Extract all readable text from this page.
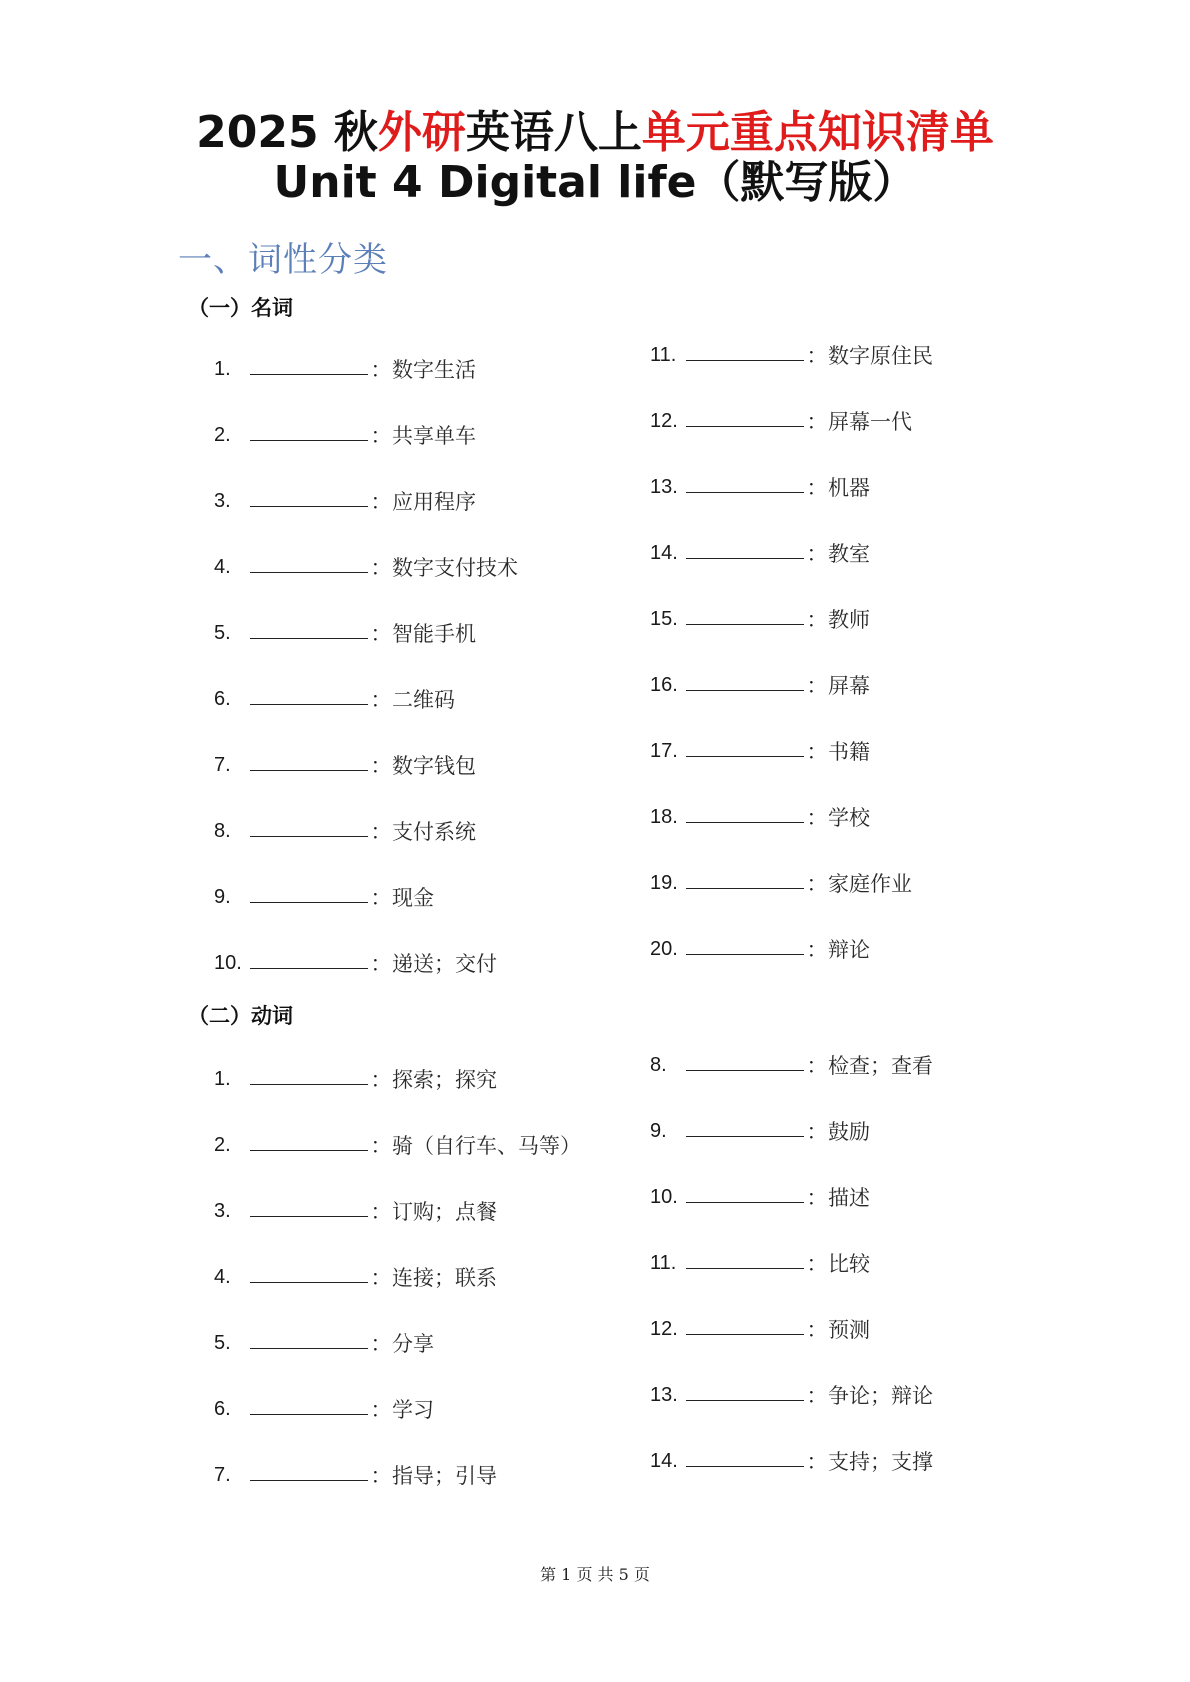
2025 秋外研英语八上单元重点知识清单
Unit 4 Digital life（默写版）
一、词性分类
（一）名词
1.	： 数字生活
2.	： 共享单车
3.	： 应用程序
4.	： 数字支付技术
5.	： 智能手机
6.	： 二维码
7.	： 数字钱包
8.	： 支付系统
9.	： 现金
10.	： 递送；交付
11.	： 数字原住民
12.	： 屏幕一代
13.	： 机器
14.	： 教室
15.	： 教师
16.	： 屏幕
17.	： 书籍
18.	： 学校
19.	： 家庭作业
20.	： 辩论
（二）动词
1.	： 探索；探究
2.	： 骑（自行车、马等）
3.	： 订购；点餐
4.	： 连接；联系
5.	： 分享
6.	： 学习
7.	： 指导；引导
8.	： 检查；查看
9.	： 鼓励
10.	： 描述
11.	： 比较
12.	： 预测
13.	： 争论；辩论
14.	： 支持；支撑
第 1 页 共 5 页
